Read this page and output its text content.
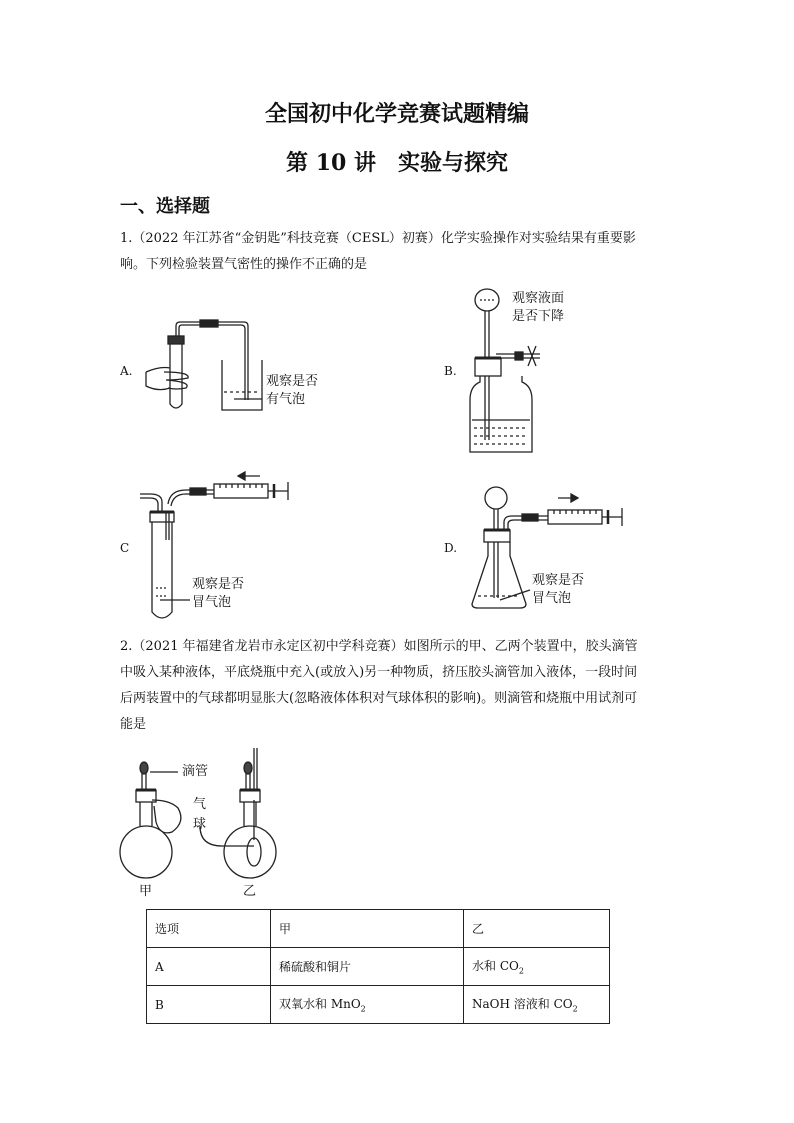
全国初中化学竞赛试题精编
第 10 讲　实验与探究
一、选择题
1.（2022 年江苏省“金钥匙”科技竞赛（CESL）初赛）化学实验操作对实验结果有重要影
响。下列检验装置气密性的操作不正确的是
A.	B.
C	D.
观察是否
有气泡
观察液面
是否下降
观察是否
冒气泡
观察是否
冒气泡
2.（2021 年福建省龙岩市永定区初中学科竞赛）如图所示的甲、乙两个装置中，胶头滴管
中吸入某种液体，平底烧瓶中充入(或放入)另一种物质，挤压胶头滴管加入液体，一段时间
后两装置中的气球都明显胀大(忽略液体体积对气球体积的影响)。则滴管和烧瓶中用试剂可
能是
滴管
气
球
甲	乙
选项	甲	乙
A	稀硫酸和铜片	水和 $CO_2$
B	双氧水和 MnO$_2$	NaOH 溶液和 $CO_2$
